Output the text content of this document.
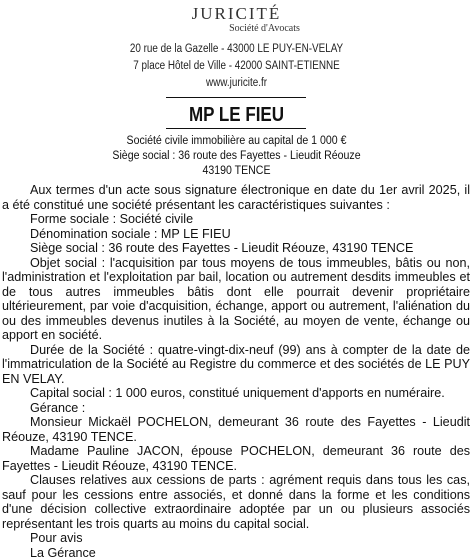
JURICITÉ
Société d'Avocats
20 rue de la Gazelle - 43000 LE PUY-EN-VELAY
7 place Hôtel de Ville - 42000 SAINT-ETIENNE
www.juricite.fr
MP LE FIEU
Société civile immobilière au capital de 1 000 €
Siège social : 36 route des Fayettes - Lieudit Réouze
43190 TENCE

Aux termes d'un acte sous signature électronique en date du 1er avril 2025, il a été constitué une société présentant les caractéristiques suivantes :

Forme sociale : Société civile

Dénomination sociale : MP LE FIEU

Siège social : 36 route des Fayettes - Lieudit Réouze, 43190 TENCE

Objet social : l'acquisition par tous moyens de tous immeubles, bâtis ou non, l'administration et l'exploitation par bail, location ou autrement desdits immeubles et de tous autres immeubles bâtis dont elle pourrait devenir propriétaire ultérieurement, par voie d'acquisition, échange, apport ou autrement, l'aliénation du ou des immeubles devenus inutiles à la Société, au moyen de vente, échange ou apport en société.

Durée de la Société : quatre-vingt-dix-neuf (99) ans à compter de la date de l'immatriculation de la Société au Registre du commerce et des sociétés de LE PUY EN VELAY.

Capital social : 1 000 euros, constitué uniquement d'apports en numéraire.

Gérance :

Monsieur Mickaël POCHELON, demeurant 36 route des Fayettes - Lieudit Réouze, 43190 TENCE.

Madame Pauline JACON, épouse POCHELON, demeurant 36 route des Fayettes - Lieudit Réouze, 43190 TENCE.

Clauses relatives aux cessions de parts : agrément requis dans tous les cas, sauf pour les cessions entre associés, et donné dans la forme et les conditions d'une décision collective extraordinaire adoptée par un ou plusieurs associés représentant les trois quarts au moins du capital social.

Pour avis

La Gérance
